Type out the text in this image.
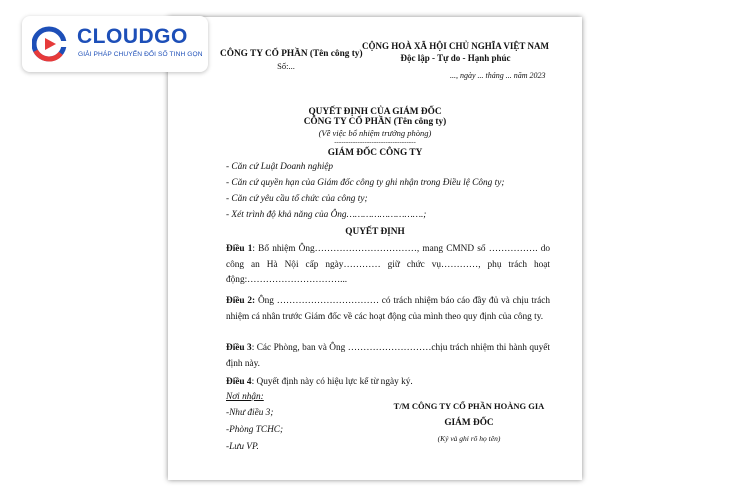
CLOUDGO
GIẢI PHÁP CHUYỂN ĐỔI SỐ TINH GỌN CÔNG TY CỔ PHẦN (Tên công ty)
Số:...
CỘNG HOÀ XÃ HỘI CHỦ NGHĨA VIỆT NAM
Độc lập - Tự do - Hạnh phúc
..., ngày ... tháng ... năm 2023
QUYẾT ĐỊNH CỦA GIÁM ĐỐC
CÔNG TY CỔ PHẦN (Tên công ty)
(Về việc bổ nhiệm trưởng phòng)
-----------------------------------
GIÁM ĐỐC CÔNG TY
- Căn cứ Luật Doanh nghiệp
- Căn cứ quyền hạn của Giám đốc công ty ghi nhận trong Điều lệ Công ty;
- Căn cứ yêu cầu tổ chức của công ty;
- Xét trình độ khả năng của Ông……………………….;
QUYẾT ĐỊNH
Điều 1: Bổ nhiệm Ông……………………………, mang CMND số ……………. do công an Hà Nội cấp ngày………… giữ chức vụ…………, phụ trách hoạt động:…………………………...
Điều 2: Ông …………………………… có trách nhiệm báo cáo đầy đủ và chịu trách nhiệm cá nhân trước Giám đốc về các hoạt động của mình theo quy định của công ty.
Điều 3: Các Phòng, ban và Ông ………………………chịu trách nhiệm thi hành quyết định này.
Điều 4: Quyết định này có hiệu lực kể từ ngày ký.
Nơi nhận:
-Như điều 3;
-Phòng TCHC;
-Lưu VP.
T/M CÔNG TY CỔ PHẦN HOÀNG GIA
GIÁM ĐỐC
(Ký và ghi rõ họ tên)
